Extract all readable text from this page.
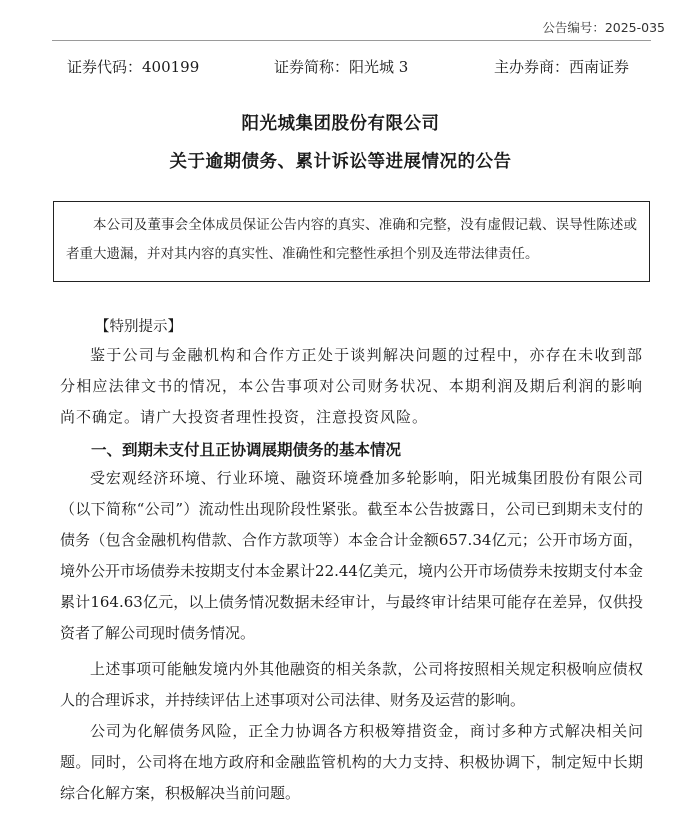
公告编号：2025-035
证券代码：400199	证券简称：阳光城 3	主办券商：西南证券
阳光城集团股份有限公司
关于逾期债务、累计诉讼等进展情况的公告
本公司及董事会全体成员保证公告内容的真实、准确和完整，没有虚假记载、误导性陈述或者重大遗漏，并对其内容的真实性、准确性和完整性承担个别及连带法律责任。
【特别提示】
鉴于公司与金融机构和合作方正处于谈判解决问题的过程中，亦存在未收到部分相应法律文书的情况，本公告事项对公司财务状况、本期利润及期后利润的影响尚不确定。请广大投资者理性投资，注意投资风险。
一、到期未支付且正协调展期债务的基本情况
受宏观经济环境、行业环境、融资环境叠加多轮影响，阳光城集团股份有限公司（以下简称“公司”）流动性出现阶段性紧张。截至本公告披露日，公司已到期未支付的债务（包含金融机构借款、合作方款项等）本金合计金额657.34亿元；公开市场方面，境外公开市场债券未按期支付本金累计22.44亿美元，境内公开市场债券未按期支付本金累计164.63亿元，以上债务情况数据未经审计，与最终审计结果可能存在差异，仅供投资者了解公司现时债务情况。
上述事项可能触发境内外其他融资的相关条款，公司将按照相关规定积极响应债权人的合理诉求，并持续评估上述事项对公司法律、财务及运营的影响。
公司为化解债务风险，正全力协调各方积极筹措资金，商讨多种方式解决相关问题。同时，公司将在地方政府和金融监管机构的大力支持、积极协调下，制定短中长期综合化解方案，积极解决当前问题。
